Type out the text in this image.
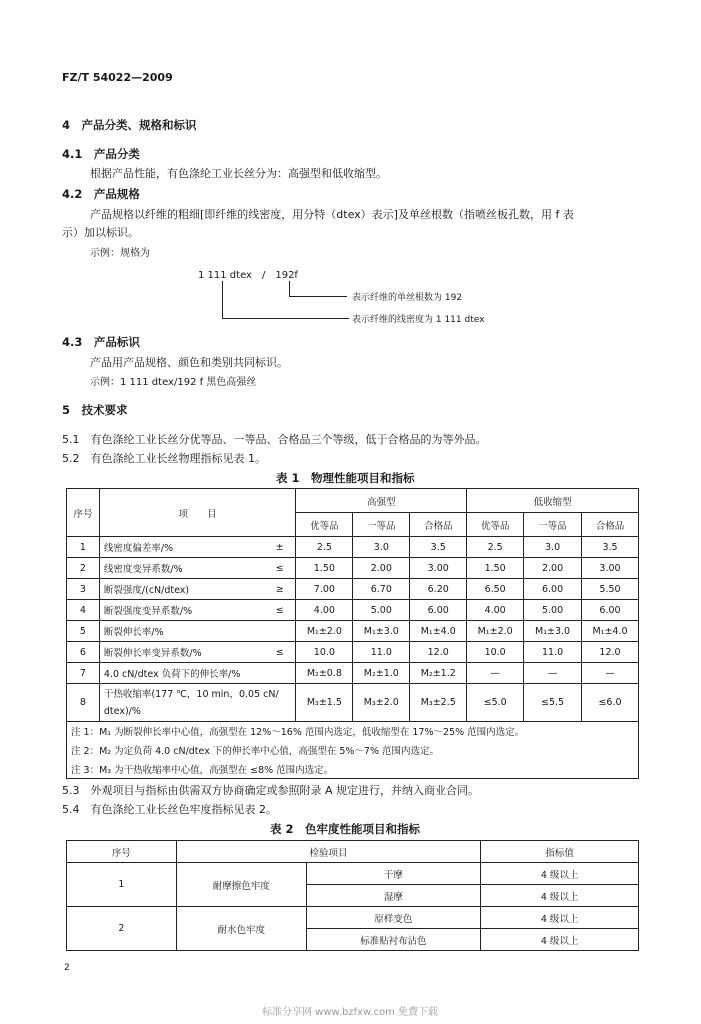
FZ/T 54022—2009
4　产品分类、规格和标识
4.1　产品分类
根据产品性能，有色涤纶工业长丝分为：高强型和低收缩型。
4.2　产品规格
产品规格以纤维的粗细[即纤维的线密度，用分特（dtex）表示]及单丝根数（指喷丝板孔数，用 f 表
示）加以标识。
示例：规格为
1 111 dtex　/　192f
表示纤维的单丝根数为 192
表示纤维的线密度为 1 111 dtex
4.3　产品标识
产品用产品规格、颜色和类别共同标识。
示例：1 111 dtex/192 f 黑色高强丝
5　技术要求
5.1　有色涤纶工业长丝分优等品、一等品、合格品三个等级，低于合格品的为等外品。
5.2　有色涤纶工业长丝物理指标见表 1。
表 1　物理性能项目和指标
序号	项　　目		高强型			低收缩型		
			优等品	一等品	合格品	优等品	一等品	合格品
1	线密度偏差率/%	±	2.5	3.0	3.5	2.5	3.0	3.5
2	线密度变异系数/%	≤	1.50	2.00	3.00	1.50	2.00	3.00
3	断裂强度/(cN/dtex)	≥	7.00	6.70	6.20	6.50	6.00	5.50
4	断裂强度变异系数/%	≤	4.00	5.00	6.00	4.00	5.00	6.00
5	断裂伸长率/%		M₁±2.0	M₁±3.0	M₁±4.0	M₁±2.0	M₁±3.0	M₁±4.0
6	断裂伸长率变异系数/%	≤	10.0	11.0	12.0	10.0	11.0	12.0
7	4.0 cN/dtex 负荷下的伸长率/%		M₂±0.8	M₂±1.0	M₂±1.2	—	—	—
8	干热收缩率(177 ℃，10 min，0.05 cN/
dtex)/%		M₃±1.5	M₃±2.0	M₃±2.5	≤5.0	≤5.5	≤6.0
注 1：M₁ 为断裂伸长率中心值，高强型在 12%～16% 范围内选定，低收缩型在 17%～25% 范围内选定。								
注 2：M₂ 为定负荷 4.0 cN/dtex 下的伸长率中心值，高强型在 5%～7% 范围内选定。								
注 3：M₃ 为干热收缩率中心值，高强型在 ≤8% 范围内选定。								
5.3　外观项目与指标由供需双方协商确定或参照附录 A 规定进行，并纳入商业合同。
5.4　有色涤纶工业长丝色牢度指标见表 2。
表 2　色牢度性能项目和指标
序号	检验项目		指标值
1	耐摩擦色牢度	干摩	4 级以上
		湿摩	4 级以上
2	耐水色牢度	原样变色	4 级以上
		标准贴衬布沾色	4 级以上
2
标准分享网 www.bzfxw.com 免费下载
